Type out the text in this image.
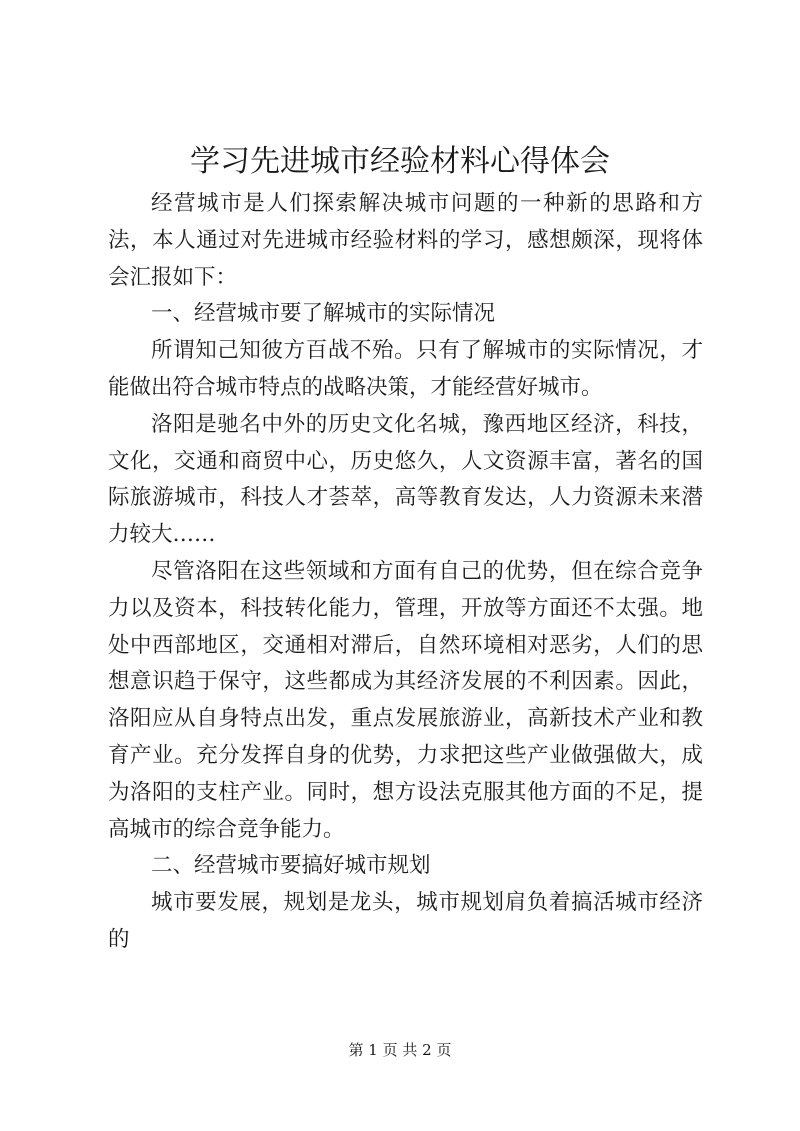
学习先进城市经验材料心得体会

经营城市是人们探索解决城市问题的一种新的思路和方法，本人通过对先进城市经验材料的学习，感想颇深，现将体会汇报如下：

一、经营城市要了解城市的实际情况

所谓知己知彼方百战不殆。只有了解城市的实际情况，才能做出符合城市特点的战略决策，才能经营好城市。

洛阳是驰名中外的历史文化名城，豫西地区经济，科技，文化，交通和商贸中心，历史悠久，人文资源丰富，著名的国际旅游城市，科技人才荟萃，高等教育发达，人力资源未来潜力较大……

尽管洛阳在这些领域和方面有自己的优势，但在综合竞争力以及资本，科技转化能力，管理，开放等方面还不太强。地处中西部地区，交通相对滞后，自然环境相对恶劣，人们的思想意识趋于保守，这些都成为其经济发展的不利因素。因此，洛阳应从自身特点出发，重点发展旅游业，高新技术产业和教育产业。充分发挥自身的优势，力求把这些产业做强做大，成为洛阳的支柱产业。同时，想方设法克服其他方面的不足，提高城市的综合竞争能力。

二、经营城市要搞好城市规划

城市要发展，规划是龙头，城市规划肩负着搞活城市经济的

第 1 页 共 2 页
